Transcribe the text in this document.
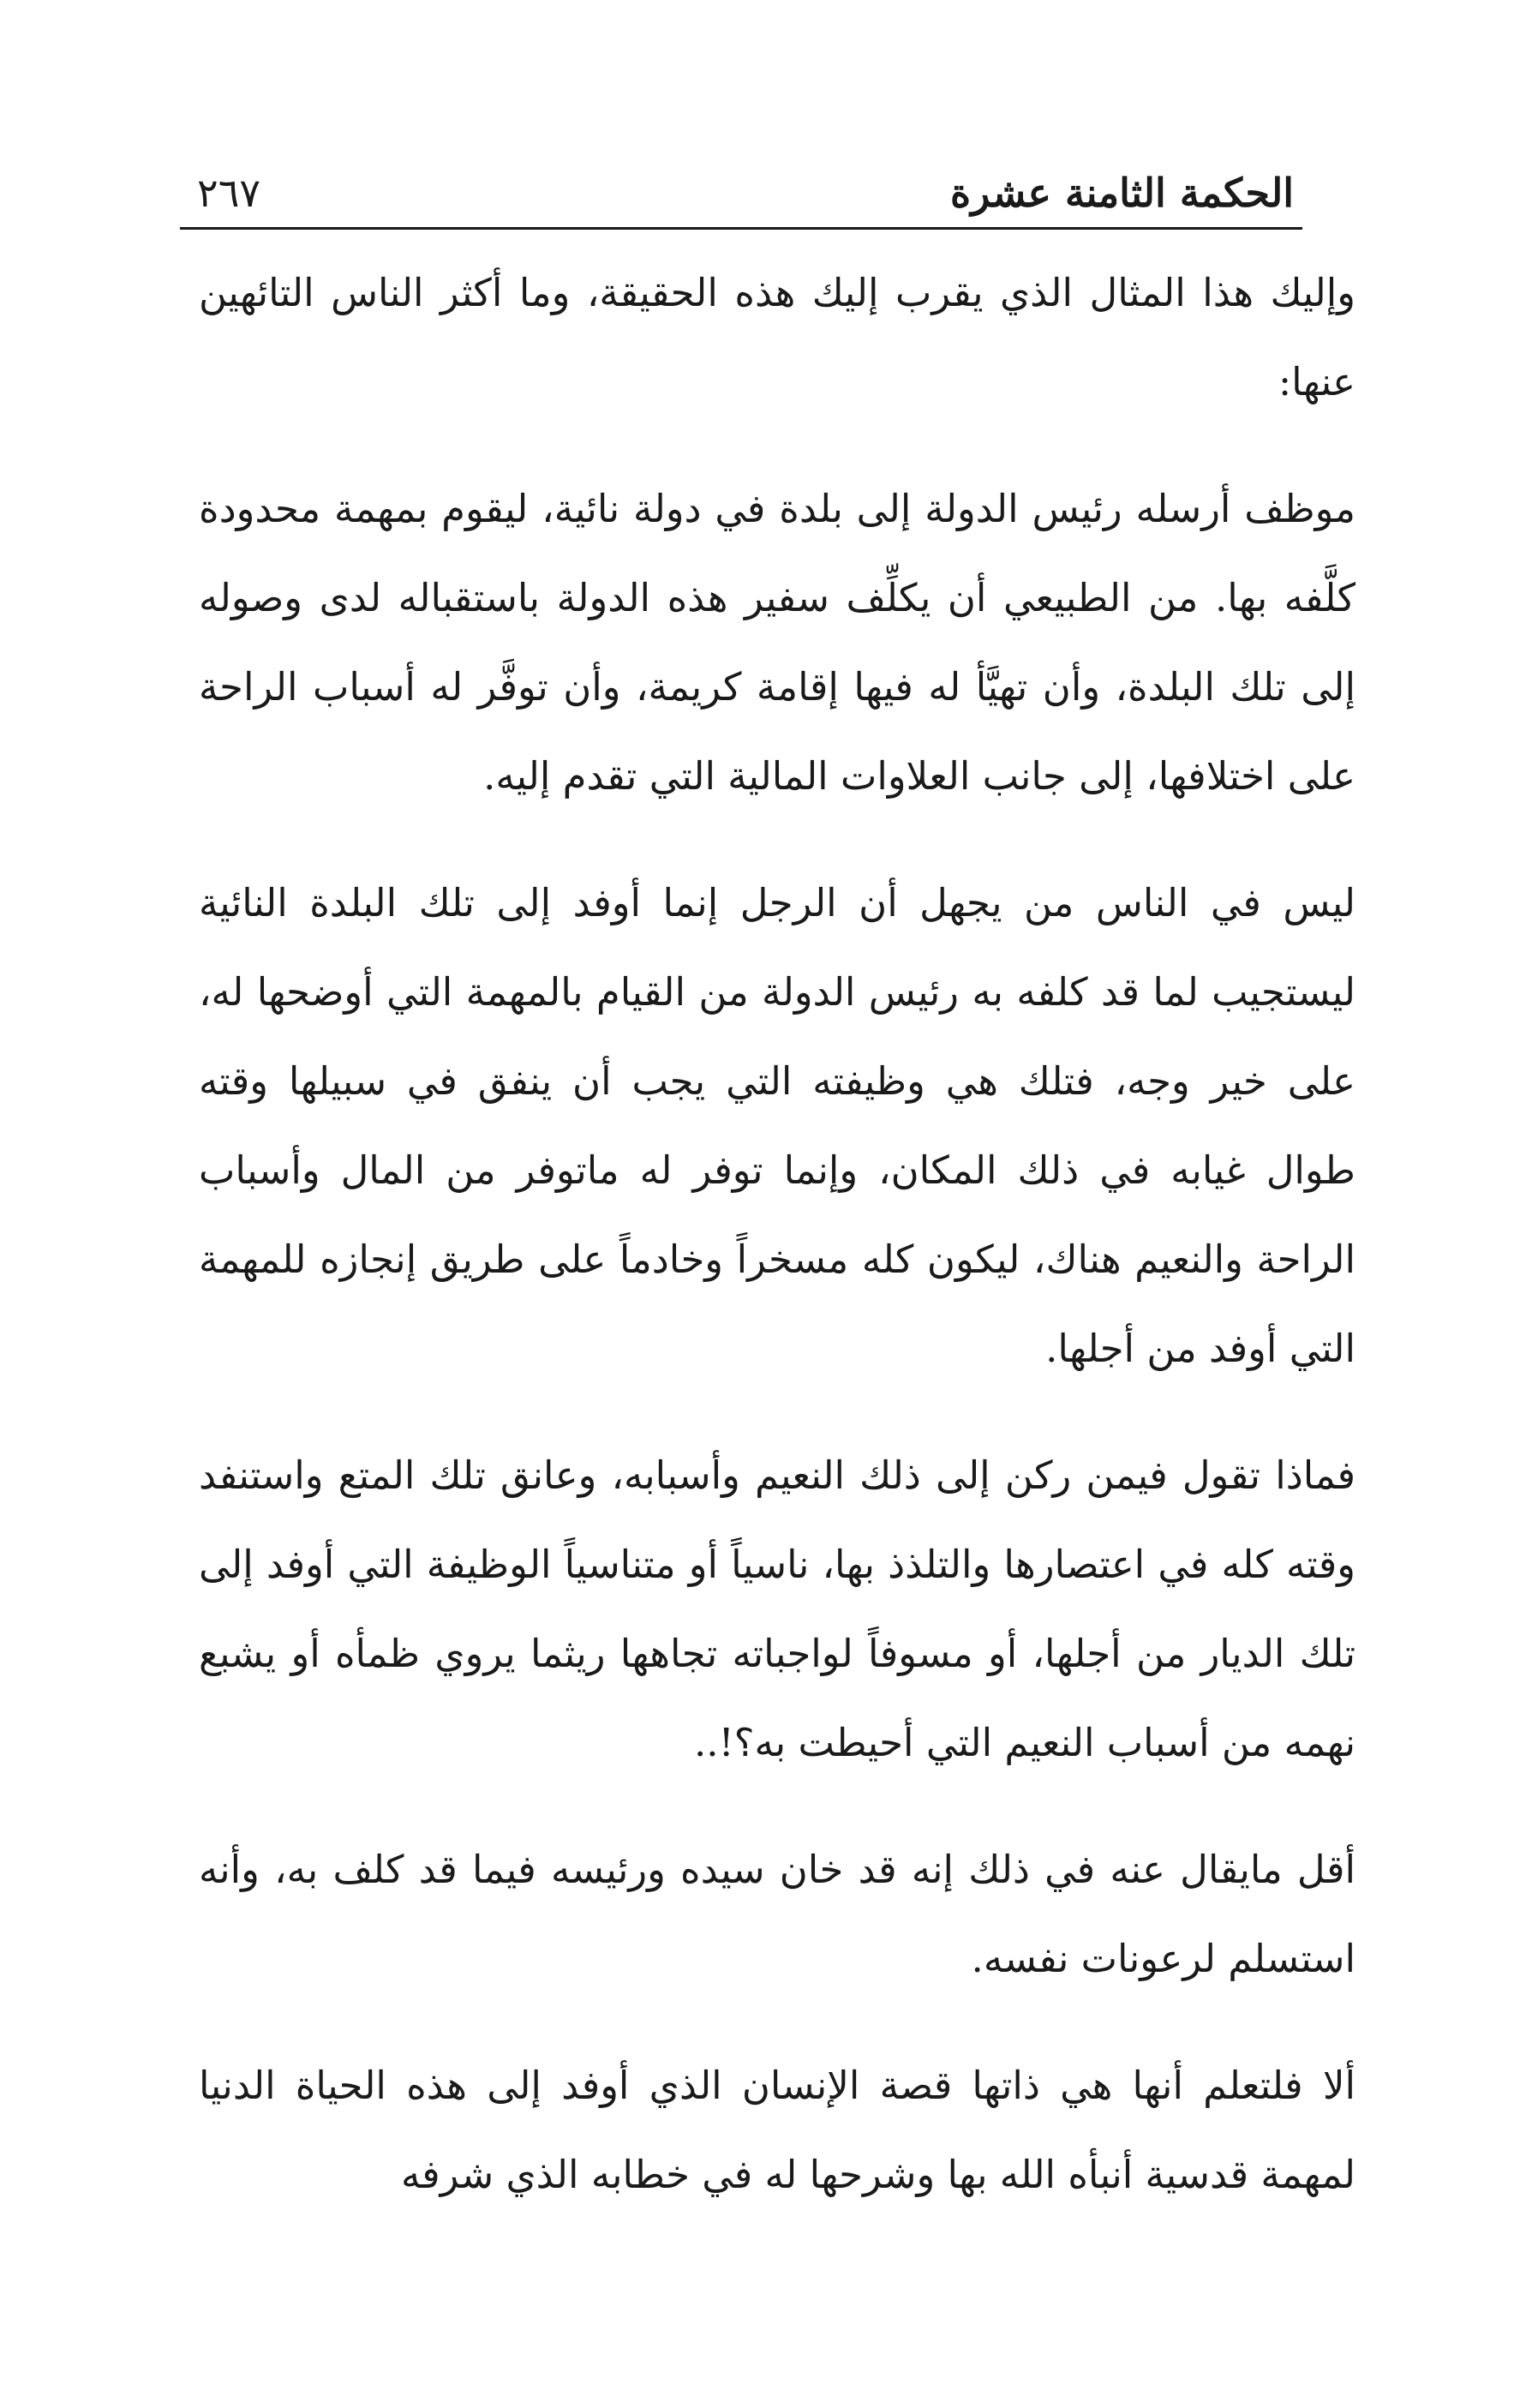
الحكمة الثامنة عشرة
٢٦٧

وإليك هذا المثال الذي يقرب إليك هذه الحقيقة، وما أكثر الناس التائهين عنها:

موظف أرسله رئيس الدولة إلى بلدة في دولة نائية، ليقوم بمهمة محدودة كلَّفه بها. من الطبيعي أن يكلِّف سفير هذه الدولة باستقباله لدى وصوله إلى تلك البلدة، وأن تهيَّأ له فيها إقامة كريمة، وأن توفَّر له أسباب الراحة على اختلافها، إلى جانب العلاوات المالية التي تقدم إليه.

ليس في الناس من يجهل أن الرجل إنما أوفد إلى تلك البلدة النائية ليستجيب لما قد كلفه به رئيس الدولة من القيام بالمهمة التي أوضحها له، على خير وجه، فتلك هي وظيفته التي يجب أن ينفق في سبيلها وقته طوال غيابه في ذلك المكان، وإنما توفر له ماتوفر من المال وأسباب الراحة والنعيم هناك، ليكون كله مسخراً وخادماً على طريق إنجازه للمهمة التي أوفد من أجلها.

فماذا تقول فيمن ركن إلى ذلك النعيم وأسبابه، وعانق تلك المتع واستنفد وقته كله في اعتصارها والتلذذ بها، ناسياً أو متناسياً الوظيفة التي أوفد إلى تلك الديار من أجلها، أو مسوفاً لواجباته تجاهها ريثما يروي ظمأه أو يشبع نهمه من أسباب النعيم التي أحيطت به؟!..

أقل مايقال عنه في ذلك إنه قد خان سيده ورئيسه فيما قد كلف به، وأنه استسلم لرعونات نفسه.

ألا فلتعلم أنها هي ذاتها قصة الإنسان الذي أوفد إلى هذه الحياة الدنيا لمهمة قدسية أنبأه الله بها وشرحها له في خطابه الذي شرفه
